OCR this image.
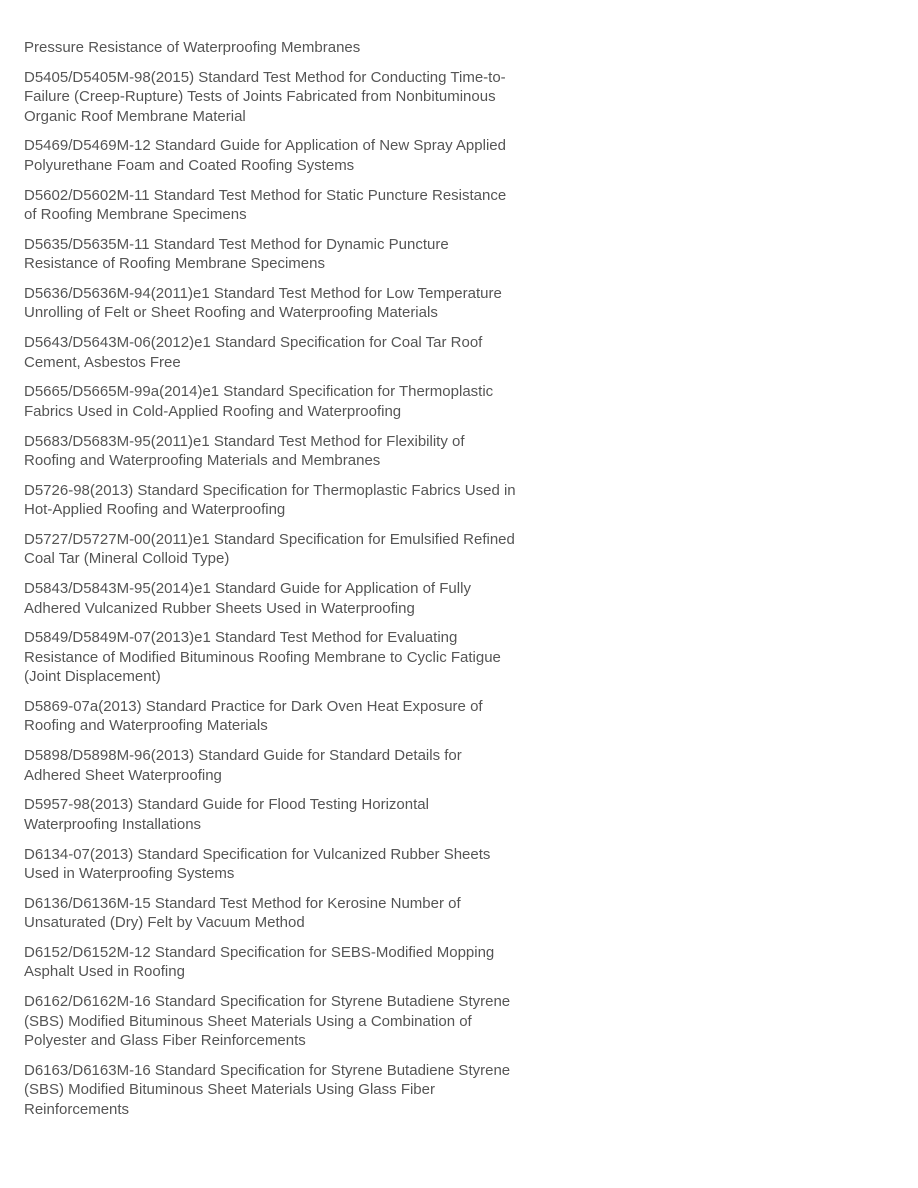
Pressure Resistance of Waterproofing Membranes
D5405/D5405M-98(2015) Standard Test Method for Conducting Time-to-
Failure (Creep-Rupture) Tests of Joints Fabricated from Nonbituminous
Organic Roof Membrane Material
D5469/D5469M-12 Standard Guide for Application of New Spray Applied
Polyurethane Foam and Coated Roofing Systems
D5602/D5602M-11 Standard Test Method for Static Puncture Resistance
of Roofing Membrane Specimens
D5635/D5635M-11 Standard Test Method for Dynamic Puncture
Resistance of Roofing Membrane Specimens
D5636/D5636M-94(2011)e1 Standard Test Method for Low Temperature
Unrolling of Felt or Sheet Roofing and Waterproofing Materials
D5643/D5643M-06(2012)e1 Standard Specification for Coal Tar Roof
Cement, Asbestos Free
D5665/D5665M-99a(2014)e1 Standard Specification for Thermoplastic
Fabrics Used in Cold-Applied Roofing and Waterproofing
D5683/D5683M-95(2011)e1 Standard Test Method for Flexibility of
Roofing and Waterproofing Materials and Membranes
D5726-98(2013) Standard Specification for Thermoplastic Fabrics Used in
Hot-Applied Roofing and Waterproofing
D5727/D5727M-00(2011)e1 Standard Specification for Emulsified Refined
Coal Tar (Mineral Colloid Type)
D5843/D5843M-95(2014)e1 Standard Guide for Application of Fully
Adhered Vulcanized Rubber Sheets Used in Waterproofing
D5849/D5849M-07(2013)e1 Standard Test Method for Evaluating
Resistance of Modified Bituminous Roofing Membrane to Cyclic Fatigue
(Joint Displacement)
D5869-07a(2013) Standard Practice for Dark Oven Heat Exposure of
Roofing and Waterproofing Materials
D5898/D5898M-96(2013) Standard Guide for Standard Details for
Adhered Sheet Waterproofing
D5957-98(2013) Standard Guide for Flood Testing Horizontal
Waterproofing Installations
D6134-07(2013) Standard Specification for Vulcanized Rubber Sheets
Used in Waterproofing Systems
D6136/D6136M-15 Standard Test Method for Kerosine Number of
Unsaturated (Dry) Felt by Vacuum Method
D6152/D6152M-12 Standard Specification for SEBS-Modified Mopping
Asphalt Used in Roofing
D6162/D6162M-16 Standard Specification for Styrene Butadiene Styrene
(SBS) Modified Bituminous Sheet Materials Using a Combination of
Polyester and Glass Fiber Reinforcements
D6163/D6163M-16 Standard Specification for Styrene Butadiene Styrene
(SBS) Modified Bituminous Sheet Materials Using Glass Fiber
Reinforcements
